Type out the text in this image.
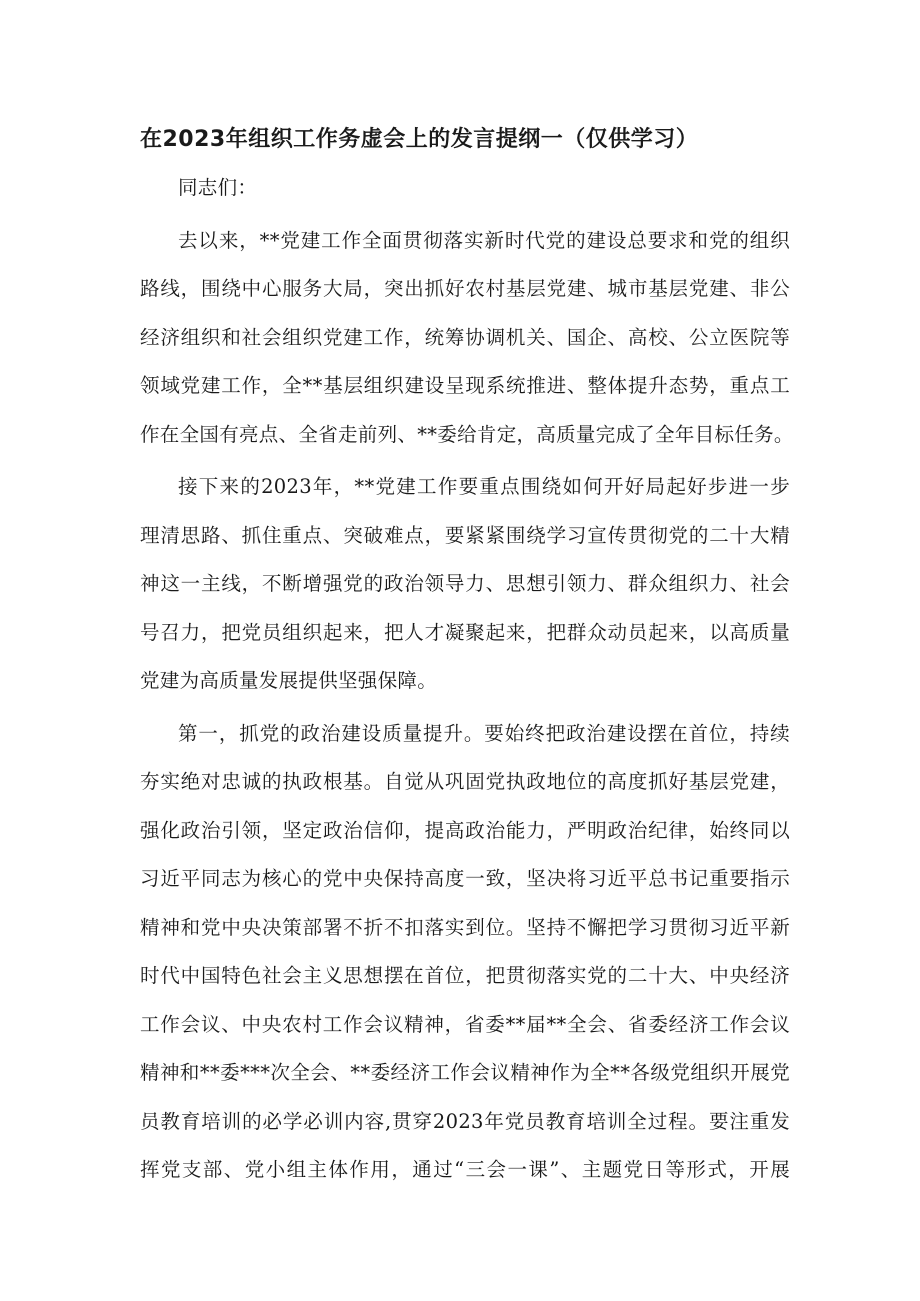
在2023年组织工作务虚会上的发言提纲一（仅供学习）
同志们：
去以来，**党建工作全面贯彻落实新时代党的建设总要求和党的组织
路线，围绕中心服务大局，突出抓好农村基层党建、城市基层党建、非公
经济组织和社会组织党建工作，统筹协调机关、国企、高校、公立医院等
领域党建工作，全**基层组织建设呈现系统推进、整体提升态势，重点工
作在全国有亮点、全省走前列、**委给肯定，高质量完成了全年目标任务。
接下来的2023年，**党建工作要重点围绕如何开好局起好步进一步
理清思路、抓住重点、突破难点，要紧紧围绕学习宣传贯彻党的二十大精
神这一主线，不断增强党的政治领导力、思想引领力、群众组织力、社会
号召力，把党员组织起来，把人才凝聚起来，把群众动员起来，以高质量
党建为高质量发展提供坚强保障。
第一，抓党的政治建设质量提升。要始终把政治建设摆在首位，持续
夯实绝对忠诚的执政根基。自觉从巩固党执政地位的高度抓好基层党建，
强化政治引领，坚定政治信仰，提高政治能力，严明政治纪律，始终同以
习近平同志为核心的党中央保持高度一致，坚决将习近平总书记重要指示
精神和党中央决策部署不折不扣落实到位。坚持不懈把学习贯彻习近平新
时代中国特色社会主义思想摆在首位，把贯彻落实党的二十大、中央经济
工作会议、中央农村工作会议精神，省委**届**全会、省委经济工作会议
精神和**委***次全会、**委经济工作会议精神作为全**各级党组织开展党
员教育培训的必学必训内容,贯穿2023年党员教育培训全过程。要注重发
挥党支部、党小组主体作用，通过“三会一课”、主题党日等形式，开展
